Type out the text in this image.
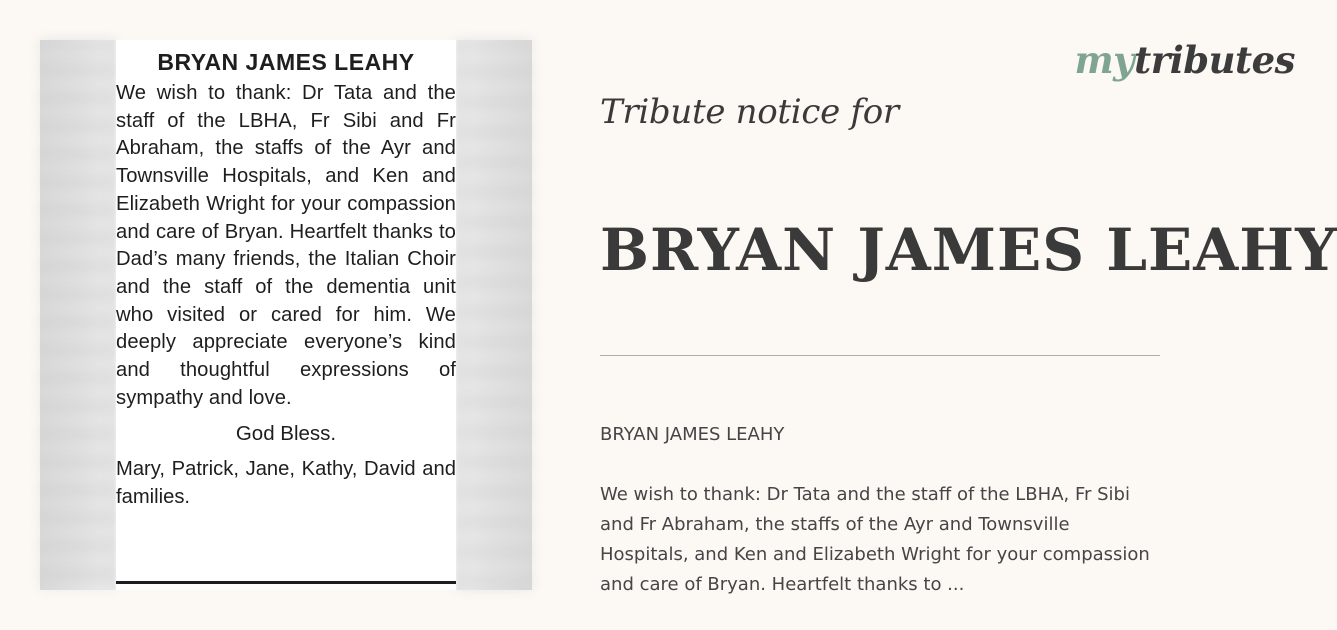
BRYAN JAMES LEAHY

We wish to thank: Dr Tata and the staff of the LBHA, Fr Sibi and Fr Abraham, the staffs of the Ayr and Townsville Hospitals, and Ken and Elizabeth Wright for your compassion and care of Bryan. Heartfelt thanks to Dad’s many friends, the Italian Choir and the staff of the dementia unit who visited or cared for him. We deeply appreciate everyone’s kind and thoughtful expressions of sympathy and love.

God Bless.

Mary, Patrick, Jane, Kathy, David and families.

mytributes

Tribute notice for

BRYAN JAMES LEAHY

BRYAN JAMES LEAHY

We wish to thank: Dr Tata and the staff of the LBHA, Fr Sibi and Fr Abraham, the staffs of the Ayr and Townsville Hospitals, and Ken and Elizabeth Wright for your compassion and care of Bryan. Heartfelt thanks to ...
